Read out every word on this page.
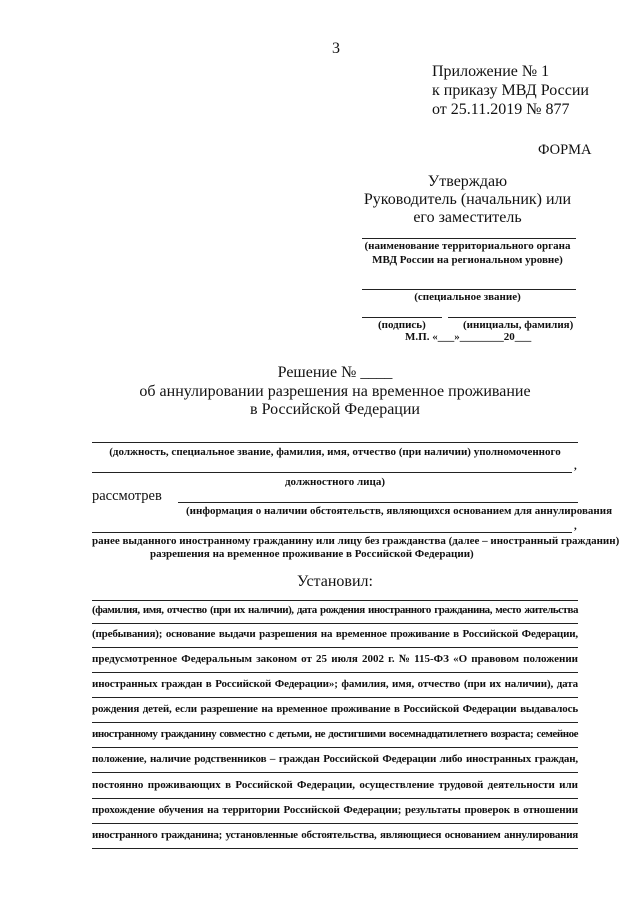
3
Приложение № 1
к приказу МВД России
от 25.11.2019 № 877
ФОРМА
Утверждаю
Руководитель (начальник) или
его заместитель
(наименование территориального органа
МВД России на региональном уровне)
(специальное звание)
(подпись)	(инициалы, фамилия)
М.П. «___»________20___
Решение № ____
об аннулировании разрешения на временное проживание
в Российской Федерации
(должность, специальное звание, фамилия, имя, отчество (при наличии) уполномоченного
,
должностного лица)
рассмотрев
(информация о наличии обстоятельств, являющихся основанием для аннулирования
,
ранее выданного иностранному гражданину или лицу без гражданства (далее – иностранный гражданин)
разрешения на временное проживание в Российской Федерации)
Установил:
(фамилия, имя, отчество (при их наличии), дата рождения иностранного гражданина, место жительства
(пребывания); основание выдачи разрешения на временное проживание в Российской Федерации,
предусмотренное Федеральным законом от 25 июля 2002 г. № 115-ФЗ «О правовом положении
иностранных граждан в Российской Федерации»; фамилия, имя, отчество (при их наличии), дата
рождения детей, если разрешение на временное проживание в Российской Федерации выдавалось
иностранному гражданину совместно с детьми, не достигшими восемнадцатилетнего возраста; семейное
положение, наличие родственников – граждан Российской Федерации либо иностранных граждан,
постоянно проживающих в Российской Федерации, осуществление трудовой деятельности или
прохождение обучения на территории Российской Федерации; результаты проверок в отношении
иностранного гражданина; установленные обстоятельства, являющиеся основанием аннулирования
